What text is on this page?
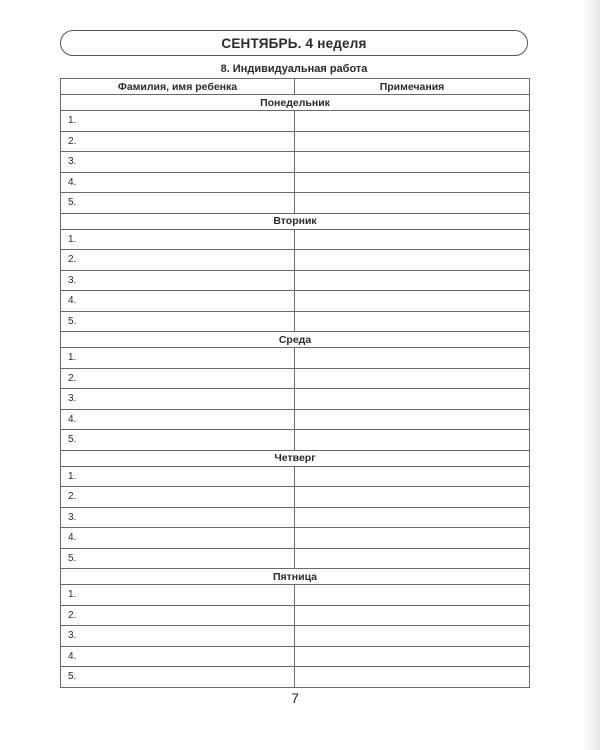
СЕНТЯБРЬ. 4 неделя
8. Индивидуальная работа
Фамилия, имя ребенка	Примечания
Понедельник	
1.	
2.	
3.	
4.	
5.	
Вторник	
1.	
2.	
3.	
4.	
5.	
Среда	
1.	
2.	
3.	
4.	
5.	
Четверг	
1.	
2.	
3.	
4.	
5.	
Пятница	
1.	
2.	
3.	
4.	
5.	
7
